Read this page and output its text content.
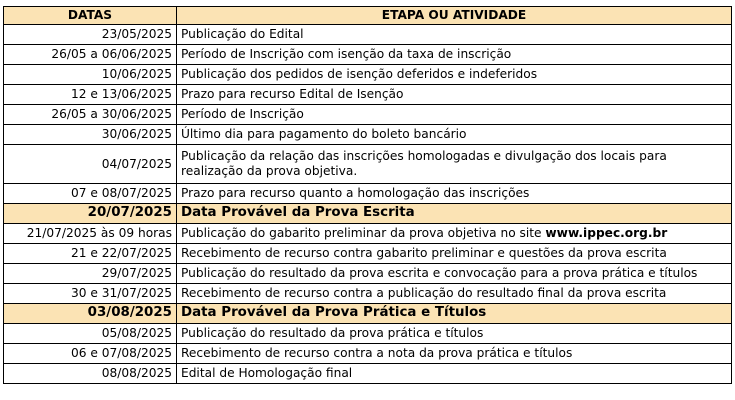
DATAS	ETAPA OU ATIVIDADE
23/05/2025	Publicação do Edital
26/05 a 06/06/2025	Período de Inscrição com isenção da taxa de inscrição
10/06/2025	Publicação dos pedidos de isenção deferidos e indeferidos
12 e 13/06/2025	Prazo para recurso Edital de Isenção
26/05 a 30/06/2025	Período de Inscrição
30/06/2025	Último dia para pagamento do boleto bancário
04/07/2025	Publicação da relação das inscrições homologadas e divulgação dos locais para realização da prova objetiva.
07 e 08/07/2025	Prazo para recurso quanto a homologação das inscrições
20/07/2025	Data Provável da Prova Escrita
21/07/2025 às 09 horas	Publicação do gabarito preliminar da prova objetiva no site www.ippec.org.br
21 e 22/07/2025	Recebimento de recurso contra gabarito preliminar e questões da prova escrita
29/07/2025	Publicação do resultado da prova escrita e convocação para a prova prática e títulos
30 e 31/07/2025	Recebimento de recurso contra a publicação do resultado final da prova escrita
03/08/2025	Data Provável da Prova Prática e Títulos
05/08/2025	Publicação do resultado da prova prática e títulos
06 e 07/08/2025	Recebimento de recurso contra a nota da prova prática e títulos
08/08/2025	Edital de Homologação final
